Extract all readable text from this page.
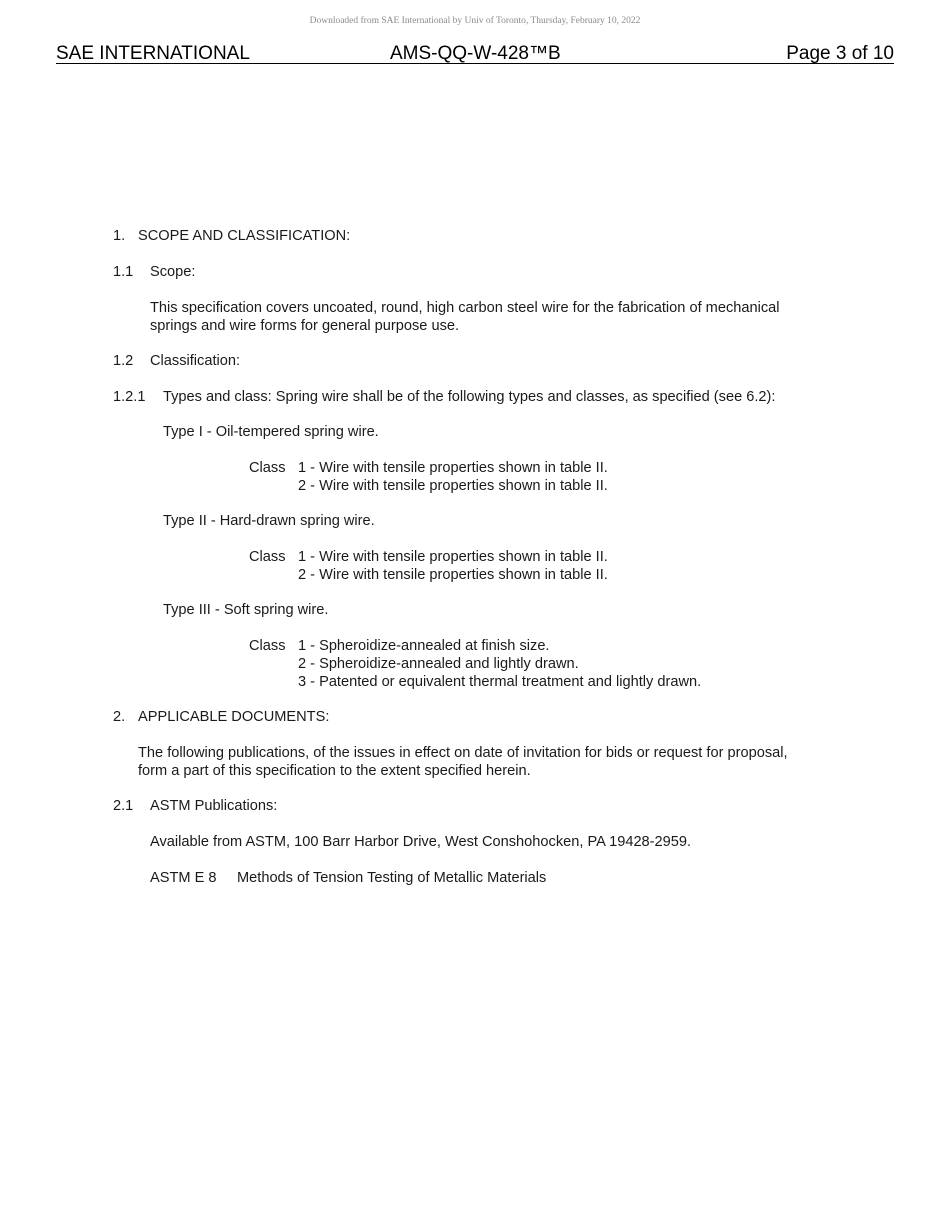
Downloaded from SAE International by Univ of Toronto, Thursday, February 10, 2022
SAE INTERNATIONAL	AMS-QQ-W-428™B	Page 3 of 10
1. SCOPE AND CLASSIFICATION:
1.1 Scope:
This specification covers uncoated, round, high carbon steel wire for the fabrication of mechanical
springs and wire forms for general purpose use.
1.2 Classification:
1.2.1 Types and class: Spring wire shall be of the following types and classes, as specified (see 6.2):
Type I - Oil-tempered spring wire.
Class 1 - Wire with tensile properties shown in table II.
2 - Wire with tensile properties shown in table II.
Type II - Hard-drawn spring wire.
Class 1 - Wire with tensile properties shown in table II.
2 - Wire with tensile properties shown in table II.
Type III - Soft spring wire.
Class 1 - Spheroidize-annealed at finish size.
2 - Spheroidize-annealed and lightly drawn.
3 - Patented or equivalent thermal treatment and lightly drawn.
2. APPLICABLE DOCUMENTS:
The following publications, of the issues in effect on date of invitation for bids or request for proposal,
form a part of this specification to the extent specified herein.
2.1 ASTM Publications:
Available from ASTM, 100 Barr Harbor Drive, West Conshohocken, PA 19428-2959.
ASTM E 8 Methods of Tension Testing of Metallic Materials
